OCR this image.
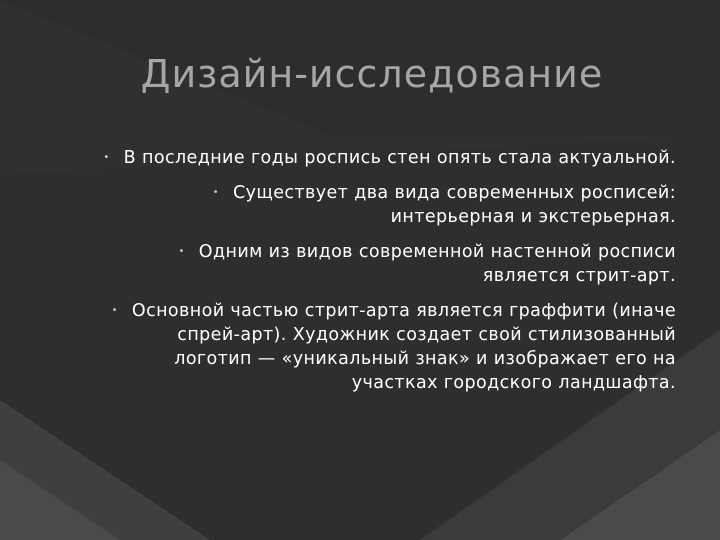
Дизайн-исследование
• В последние годы роспись стен опять стала актуальной.
• Существует два вида современных росписей: интерьерная и экстерьерная.
• Одним из видов современной настенной росписи является стрит-арт.
• Основной частью стрит-арта является граффити (иначе спрей-арт). Художник создает свой стилизованный логотип — «уникальный знак» и изображает его на участках городского ландшафта.
